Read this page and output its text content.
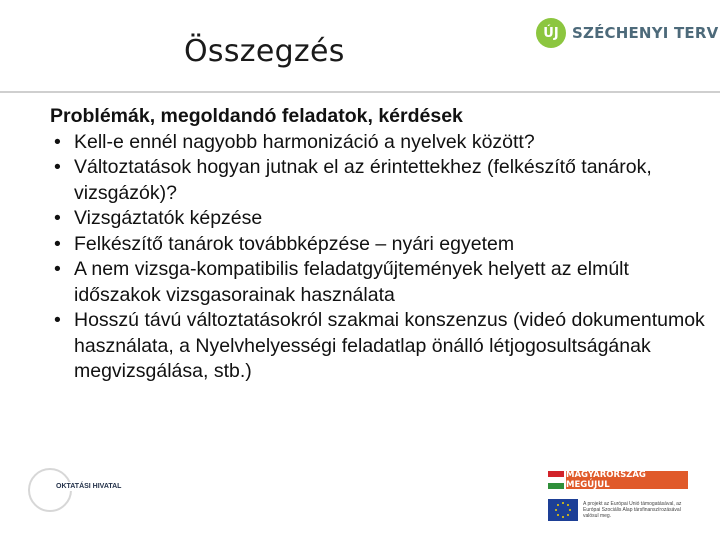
Összegzés
ÚJ SZÉCHENYI TERV
Problémák, megoldandó feladatok, kérdések
• Kell-e ennél nagyobb harmonizáció a nyelvek között?
• Változtatások hogyan jutnak el az érintettekhez (felkészítő tanárok, vizsgázók)?
• Vizsgáztatók képzése
• Felkészítő tanárok továbbképzése – nyári egyetem
• A nem vizsga-kompatibilis feladatgyűjtemények helyett az elmúlt időszakok vizsgasorainak használata
• Hosszú távú változtatásokról szakmai konszenzus (videó dokumentumok használata, a Nyelvhelyességi feladatlap önálló létjogosultságának megvizsgálása, stb.)
OKTATÁSI HIVATAL
MAGYARORSZÁG MEGÚJUL
A projekt az Európai Unió támogatásával, az Európai Szociális Alap társfinanszírozásával valósul meg.
